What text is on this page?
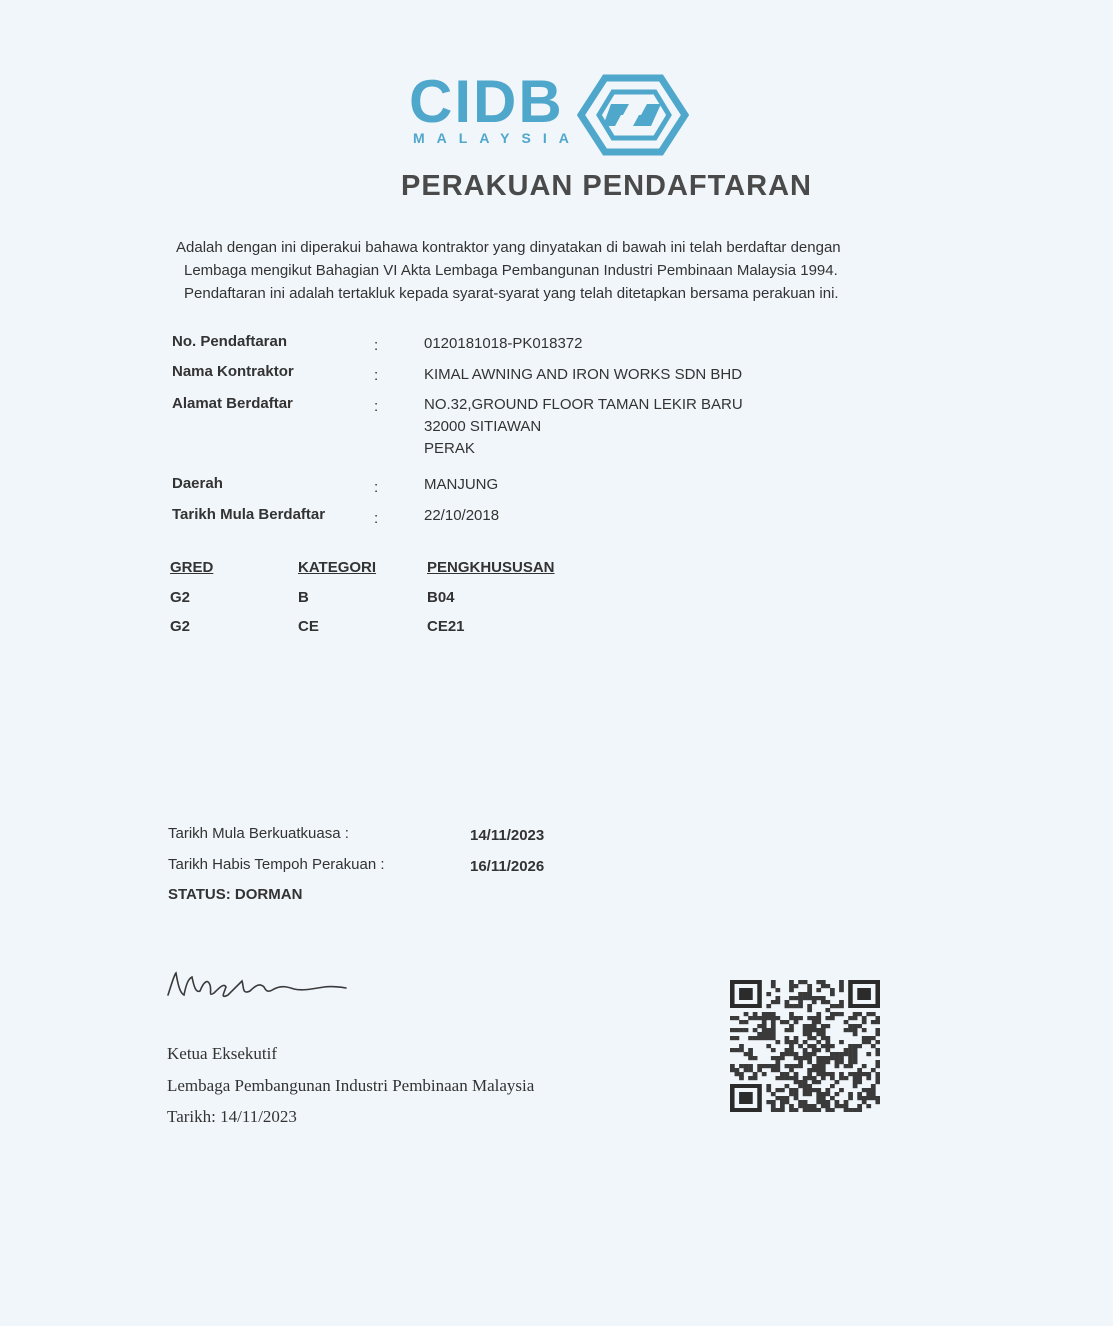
CIDB
MALAYSIA
PERAKUAN PENDAFTARAN
Adalah dengan ini diperakui bahawa kontraktor yang dinyatakan di bawah ini telah berdaftar dengan
Lembaga mengikut Bahagian VI Akta Lembaga Pembangunan Industri Pembinaan Malaysia 1994.
Pendaftaran ini adalah tertakluk kepada syarat-syarat yang telah ditetapkan bersama perakuan ini.
No. Pendaftaran	:	0120181018-PK018372
Nama Kontraktor	:	KIMAL AWNING AND IRON WORKS SDN BHD
Alamat Berdaftar	:	NO.32,GROUND FLOOR TAMAN LEKIR BARU
32000 SITIAWAN
PERAK
Daerah	:	MANJUNG
Tarikh Mula Berdaftar	:	22/10/2018
GRED	KATEGORI	PENGKHUSUSAN
G2	B	B04
G2	CE	CE21
Tarikh Mula Berkuatkuasa :	14/11/2023
Tarikh Habis Tempoh Perakuan :	16/11/2026
STATUS: DORMAN
Ketua Eksekutif
Lembaga Pembangunan Industri Pembinaan Malaysia
Tarikh: 14/11/2023
